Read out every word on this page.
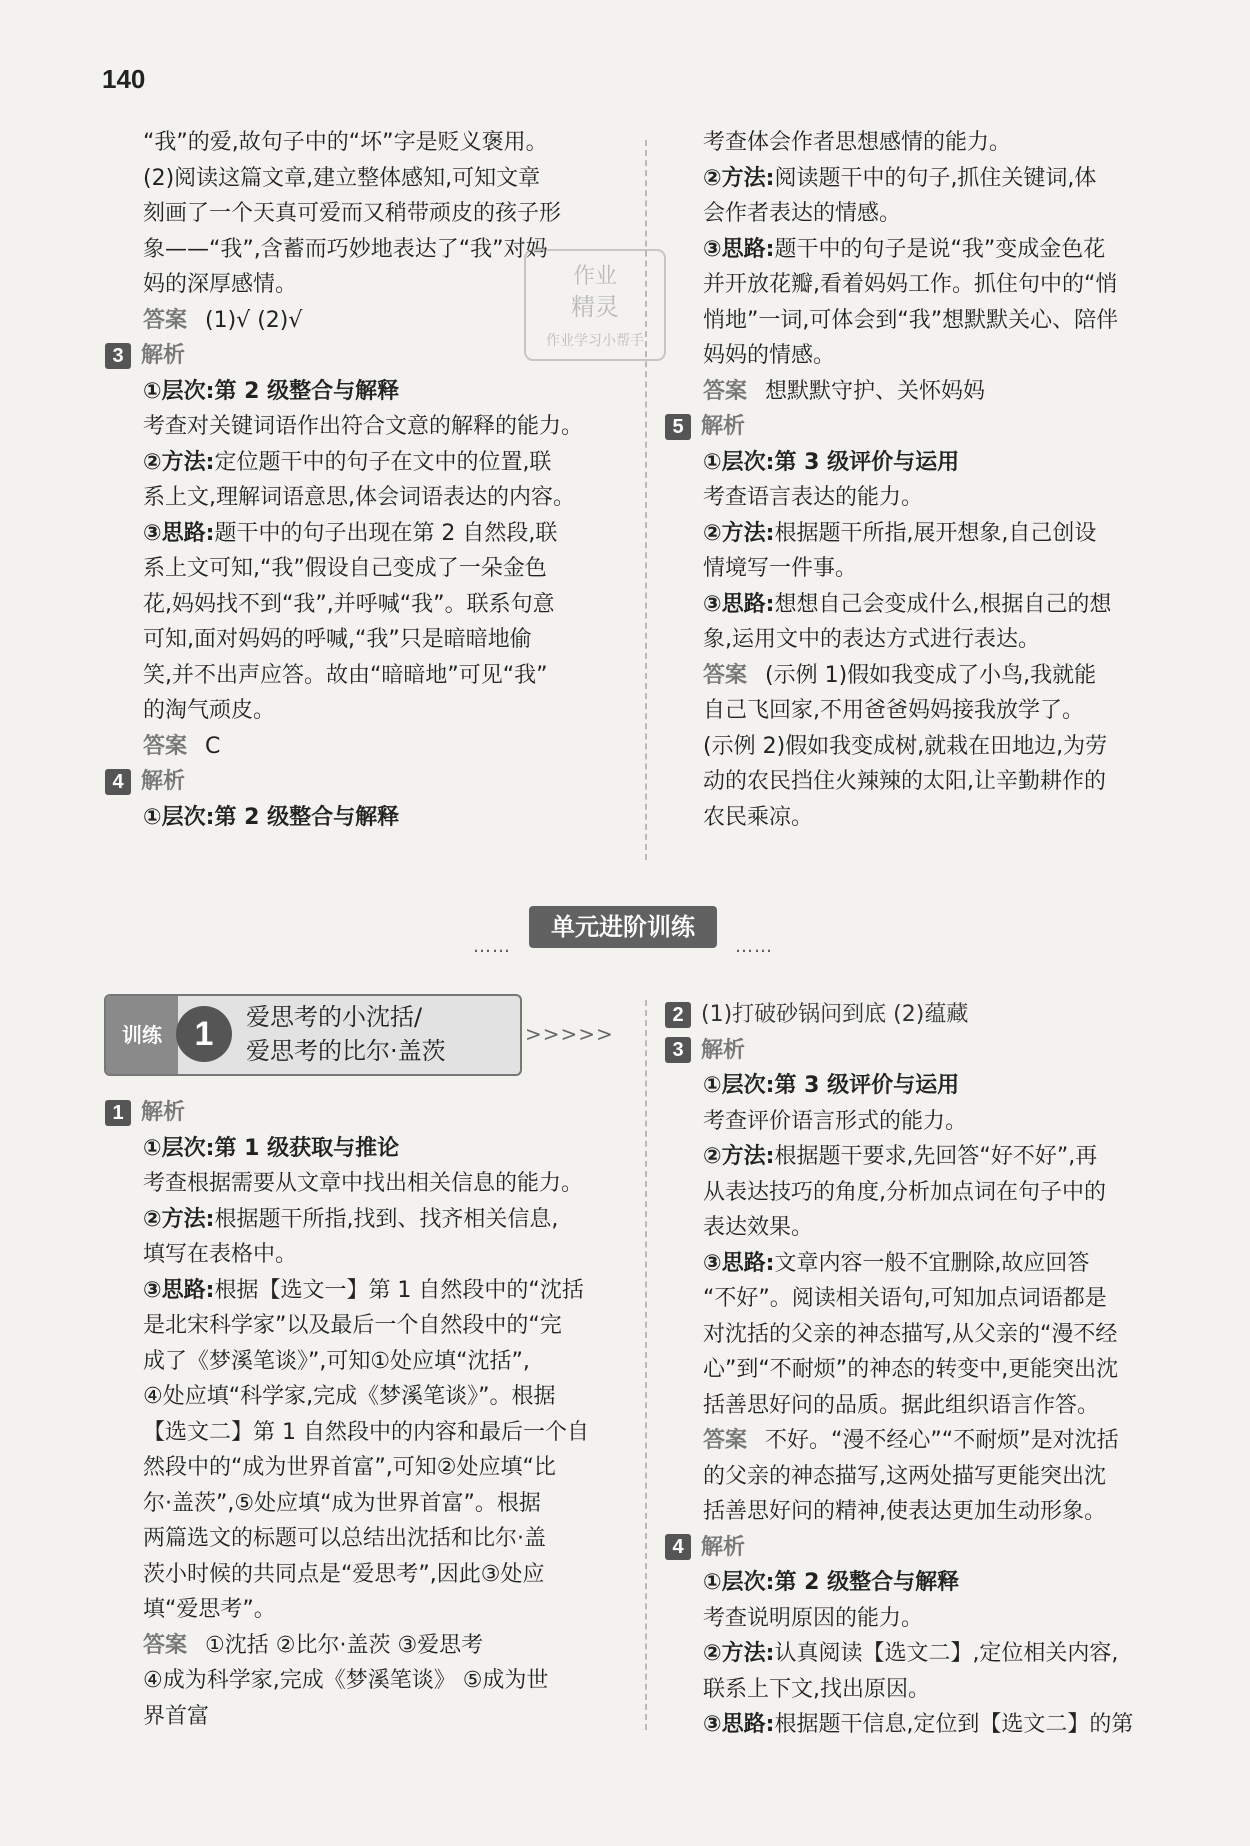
140
“我”的爱,故句子中的“坏”字是贬义褒用。
(2)阅读这篇文章,建立整体感知,可知文章
刻画了一个天真可爱而又稍带顽皮的孩子形
象——“我”,含蓄而巧妙地表达了“我”对妈
妈的深厚感情。
答案 (1)√ (2)√
3 解析
①层次:第 2 级整合与解释
考查对关键词语作出符合文意的解释的能力。
②方法:定位题干中的句子在文中的位置,联
系上文,理解词语意思,体会词语表达的内容。
③思路:题干中的句子出现在第 2 自然段,联
系上文可知,“我”假设自己变成了一朵金色
花,妈妈找不到“我”,并呼喊“我”。联系句意
可知,面对妈妈的呼喊,“我”只是暗暗地偷
笑,并不出声应答。故由“暗暗地”可见“我”
的淘气顽皮。
答案 C
4 解析
①层次:第 2 级整合与解释
考查体会作者思想感情的能力。
②方法:阅读题干中的句子,抓住关键词,体
会作者表达的情感。
③思路:题干中的句子是说“我”变成金色花
并开放花瓣,看着妈妈工作。抓住句中的“悄
悄地”一词,可体会到“我”想默默关心、陪伴
妈妈的情感。
答案 想默默守护、关怀妈妈
5 解析
①层次:第 3 级评价与运用
考查语言表达的能力。
②方法:根据题干所指,展开想象,自己创设
情境写一件事。
③思路:想想自己会变成什么,根据自己的想
象,运用文中的表达方式进行表达。
答案 (示例 1)假如我变成了小鸟,我就能
自己飞回家,不用爸爸妈妈接我放学了。
(示例 2)假如我变成树,就栽在田地边,为劳
动的农民挡住火辣辣的太阳,让辛勤耕作的
农民乘凉。
作业
精灵
作业学习小帮手
……
单元进阶训练
……
训练 1	爱思考的小沈括/
爱思考的比尔·盖茨
>>>>>
1 解析
①层次:第 1 级获取与推论
考查根据需要从文章中找出相关信息的能力。
②方法:根据题干所指,找到、找齐相关信息,
填写在表格中。
③思路:根据【选文一】第 1 自然段中的“沈括
是北宋科学家”以及最后一个自然段中的“完
成了《梦溪笔谈》”,可知①处应填“沈括”,
④处应填“科学家,完成《梦溪笔谈》”。根据
【选文二】第 1 自然段中的内容和最后一个自
然段中的“成为世界首富”,可知②处应填“比
尔·盖茨”,⑤处应填“成为世界首富”。根据
两篇选文的标题可以总结出沈括和比尔·盖
茨小时候的共同点是“爱思考”,因此③处应
填“爱思考”。
答案 ①沈括 ②比尔·盖茨 ③爱思考
④成为科学家,完成《梦溪笔谈》 ⑤成为世
界首富
2 (1)打破砂锅问到底 (2)蕴藏
3 解析
①层次:第 3 级评价与运用
考查评价语言形式的能力。
②方法:根据题干要求,先回答“好不好”,再
从表达技巧的角度,分析加点词在句子中的
表达效果。
③思路:文章内容一般不宜删除,故应回答
“不好”。阅读相关语句,可知加点词语都是
对沈括的父亲的神态描写,从父亲的“漫不经
心”到“不耐烦”的神态的转变中,更能突出沈
括善思好问的品质。据此组织语言作答。
答案 不好。“漫不经心”“不耐烦”是对沈括
的父亲的神态描写,这两处描写更能突出沈
括善思好问的精神,使表达更加生动形象。
4 解析
①层次:第 2 级整合与解释
考查说明原因的能力。
②方法:认真阅读【选文二】,定位相关内容,
联系上下文,找出原因。
③思路:根据题干信息,定位到【选文二】的第
